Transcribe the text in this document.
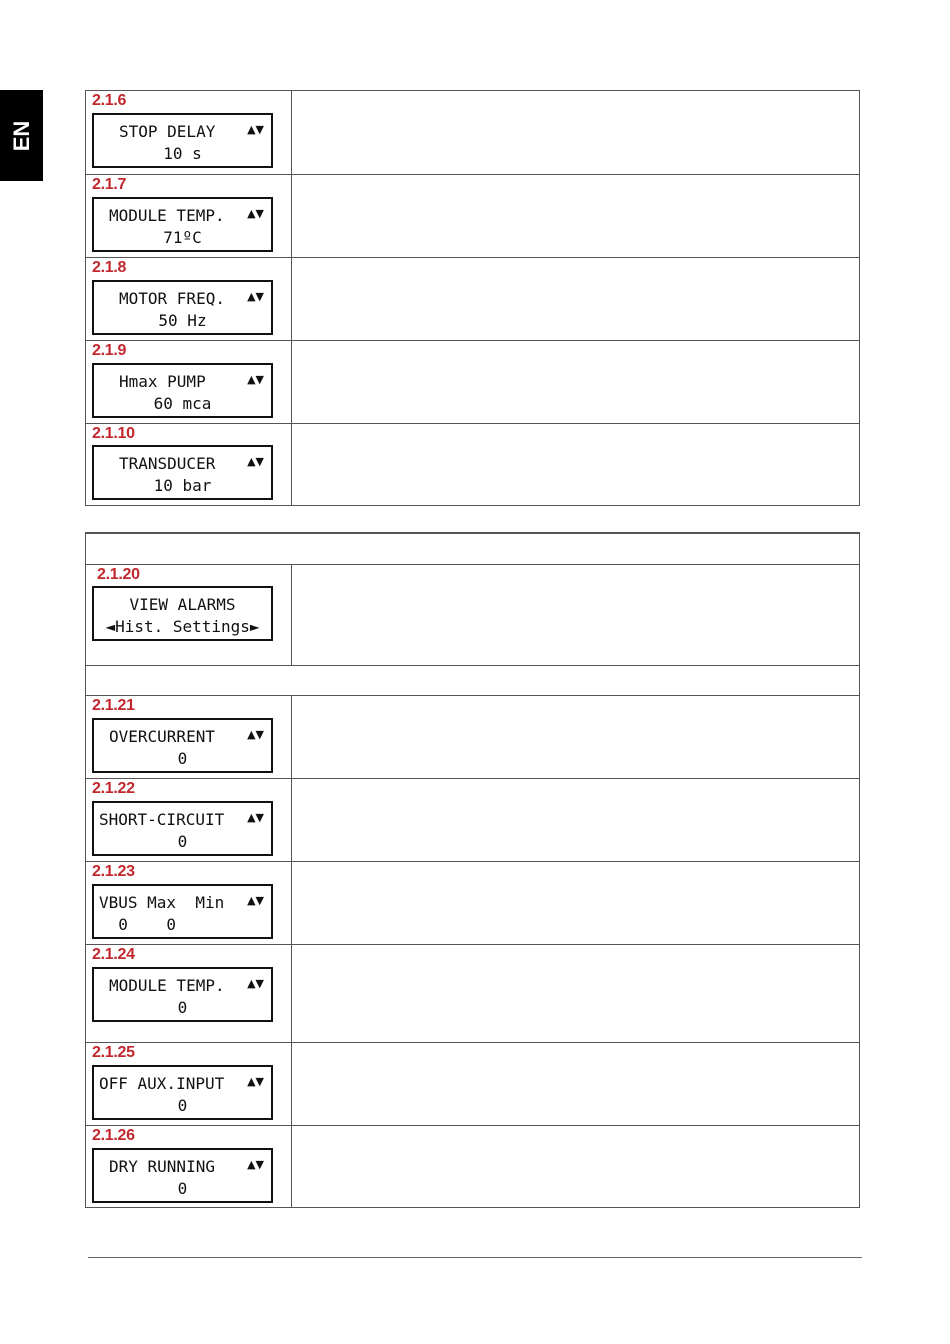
EN
2.1.6
STOP DELAY
10 s
▲▼
2.1.7
MODULE TEMP.
71ºC
▲▼
2.1.8
MOTOR FREQ.
50 Hz
▲▼
2.1.9
Hmax PUMP
60 mca
▲▼
2.1.10
TRANSDUCER
10 bar
▲▼
2.1.20
VIEW ALARMS
◄Hist. Settings►
2.1.21
OVERCURRENT
0
▲▼
2.1.22
SHORT-CIRCUIT
0
▲▼
2.1.23
VBUS Max  Min
0    0
▲▼
2.1.24
MODULE TEMP.
0
▲▼
2.1.25
OFF AUX.INPUT
0
▲▼
2.1.26
DRY RUNNING
0
▲▼
